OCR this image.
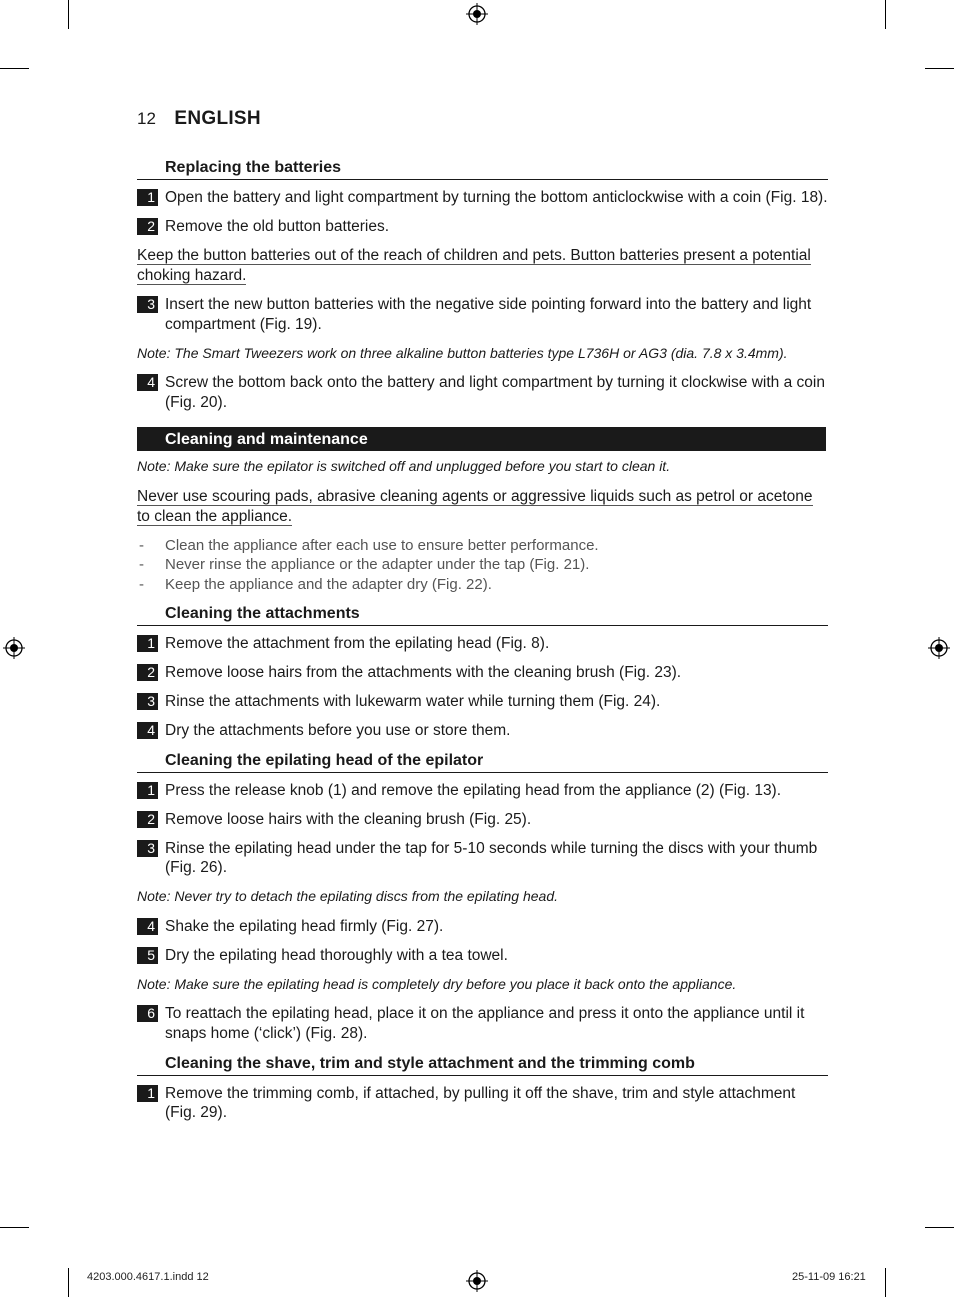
12 ENGLISH
Replacing the batteries
1 Open the battery and light compartment by turning the bottom anticlockwise with a coin (Fig. 18).
2 Remove the old button batteries.
Keep the button batteries out of the reach of children and pets. Button batteries present a potential choking hazard.
3 Insert the new button batteries with the negative side pointing forward into the battery and light compartment (Fig. 19).
Note: The Smart Tweezers work on three alkaline button batteries type L736H or AG3 (dia. 7.8 x 3.4mm).
4 Screw the bottom back onto the battery and light compartment by turning it clockwise with a coin (Fig. 20).
Cleaning and maintenance
Note: Make sure the epilator is switched off and unplugged before you start to clean it.
Never use scouring pads, abrasive cleaning agents or aggressive liquids such as petrol or acetone to clean the appliance.
- Clean the appliance after each use to ensure better performance.
- Never rinse the appliance or the adapter under the tap (Fig. 21).
- Keep the appliance and the adapter dry (Fig. 22).
Cleaning the attachments
1 Remove the attachment from the epilating head (Fig. 8).
2 Remove loose hairs from the attachments with the cleaning brush (Fig. 23).
3 Rinse the attachments with lukewarm water while turning them (Fig. 24).
4 Dry the attachments before you use or store them.
Cleaning the epilating head of the epilator
1 Press the release knob (1) and remove the epilating head from the appliance (2) (Fig. 13).
2 Remove loose hairs with the cleaning brush (Fig. 25).
3 Rinse the epilating head under the tap for 5-10 seconds while turning the discs with your thumb (Fig. 26).
Note: Never try to detach the epilating discs from the epilating head.
4 Shake the epilating head firmly (Fig. 27).
5 Dry the epilating head thoroughly with a tea towel.
Note: Make sure the epilating head is completely dry before you place it back onto the appliance.
6 To reattach the epilating head, place it on the appliance and press it onto the appliance until it snaps home (‘click’) (Fig. 28).
Cleaning the shave, trim and style attachment and the trimming comb
1 Remove the trimming comb, if attached, by pulling it off the shave, trim and style attachment (Fig. 29).
4203.000.4617.1.indd 12	25-11-09 16:21
